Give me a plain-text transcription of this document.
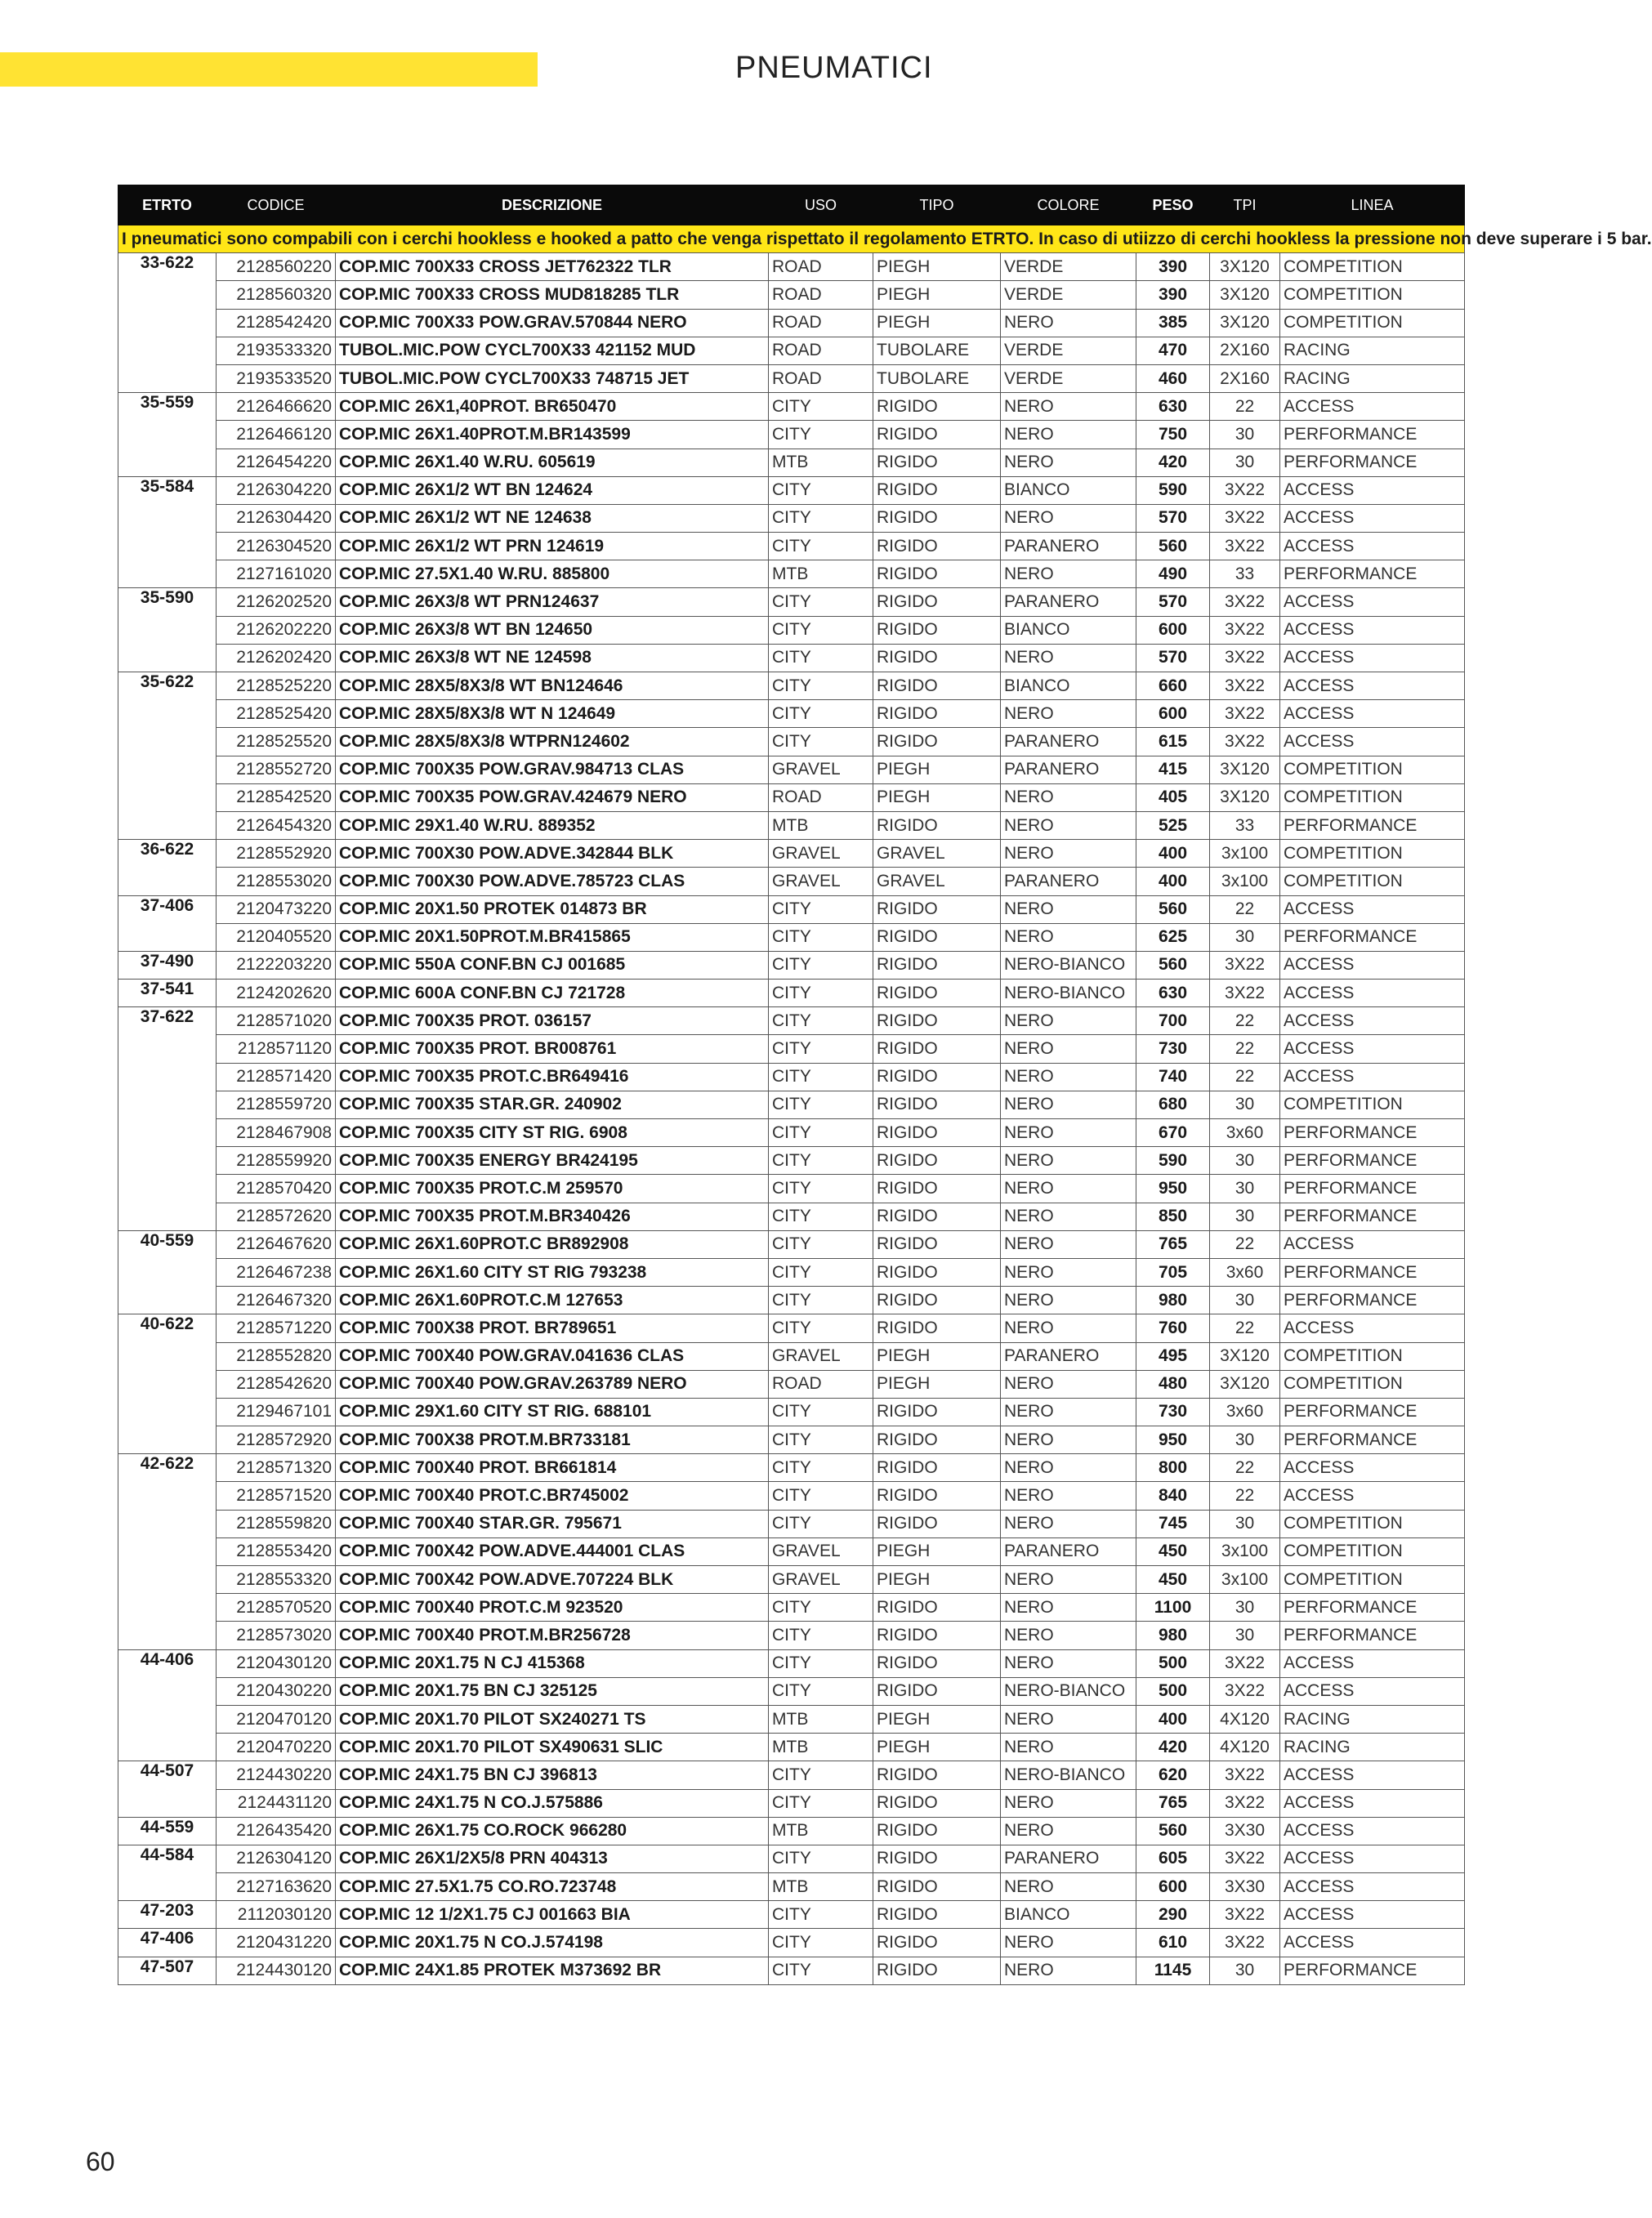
PNEUMATICI
ETRTO	CODICE	DESCRIZIONE	USO	TIPO	COLORE	PESO	TPI	LINEA
I pneumatici sono compabili con i cerchi hookless e hooked a patto che venga rispettato il regolamento ETRTO. In caso di utiizzo di cerchi hookless la pressione non deve superare i 5 bar.								
33-622	2128560220	COP.MIC 700X33 CROSS JET762322 TLR	ROAD	PIEGH	VERDE	390	3X120	COMPETITION
	2128560320	COP.MIC 700X33 CROSS MUD818285 TLR	ROAD	PIEGH	VERDE	390	3X120	COMPETITION
	2128542420	COP.MIC 700X33 POW.GRAV.570844 NERO	ROAD	PIEGH	NERO	385	3X120	COMPETITION
	2193533320	TUBOL.MIC.POW CYCL700X33 421152 MUD	ROAD	TUBOLARE	VERDE	470	2X160	RACING
	2193533520	TUBOL.MIC.POW CYCL700X33 748715 JET	ROAD	TUBOLARE	VERDE	460	2X160	RACING
35-559	2126466620	COP.MIC 26X1,40PROT. BR650470	CITY	RIGIDO	NERO	630	22	ACCESS
	2126466120	COP.MIC 26X1.40PROT.M.BR143599	CITY	RIGIDO	NERO	750	30	PERFORMANCE
	2126454220	COP.MIC 26X1.40 W.RU. 605619	MTB	RIGIDO	NERO	420	30	PERFORMANCE
35-584	2126304220	COP.MIC 26X1/2 WT BN 124624	CITY	RIGIDO	BIANCO	590	3X22	ACCESS
	2126304420	COP.MIC 26X1/2 WT NE 124638	CITY	RIGIDO	NERO	570	3X22	ACCESS
	2126304520	COP.MIC 26X1/2 WT PRN 124619	CITY	RIGIDO	PARANERO	560	3X22	ACCESS
	2127161020	COP.MIC 27.5X1.40 W.RU. 885800	MTB	RIGIDO	NERO	490	33	PERFORMANCE
35-590	2126202520	COP.MIC 26X3/8 WT PRN124637	CITY	RIGIDO	PARANERO	570	3X22	ACCESS
	2126202220	COP.MIC 26X3/8 WT BN 124650	CITY	RIGIDO	BIANCO	600	3X22	ACCESS
	2126202420	COP.MIC 26X3/8 WT NE 124598	CITY	RIGIDO	NERO	570	3X22	ACCESS
35-622	2128525220	COP.MIC 28X5/8X3/8 WT BN124646	CITY	RIGIDO	BIANCO	660	3X22	ACCESS
	2128525420	COP.MIC 28X5/8X3/8 WT N 124649	CITY	RIGIDO	NERO	600	3X22	ACCESS
	2128525520	COP.MIC 28X5/8X3/8 WTPRN124602	CITY	RIGIDO	PARANERO	615	3X22	ACCESS
	2128552720	COP.MIC 700X35 POW.GRAV.984713 CLAS	GRAVEL	PIEGH	PARANERO	415	3X120	COMPETITION
	2128542520	COP.MIC 700X35 POW.GRAV.424679 NERO	ROAD	PIEGH	NERO	405	3X120	COMPETITION
	2126454320	COP.MIC 29X1.40 W.RU. 889352	MTB	RIGIDO	NERO	525	33	PERFORMANCE
36-622	2128552920	COP.MIC 700X30 POW.ADVE.342844 BLK	GRAVEL	GRAVEL	NERO	400	3x100	COMPETITION
	2128553020	COP.MIC 700X30 POW.ADVE.785723 CLAS	GRAVEL	GRAVEL	PARANERO	400	3x100	COMPETITION
37-406	2120473220	COP.MIC 20X1.50 PROTEK 014873 BR	CITY	RIGIDO	NERO	560	22	ACCESS
	2120405520	COP.MIC 20X1.50PROT.M.BR415865	CITY	RIGIDO	NERO	625	30	PERFORMANCE
37-490	2122203220	COP.MIC 550A CONF.BN CJ 001685	CITY	RIGIDO	NERO-BIANCO	560	3X22	ACCESS
37-541	2124202620	COP.MIC 600A CONF.BN CJ 721728	CITY	RIGIDO	NERO-BIANCO	630	3X22	ACCESS
37-622	2128571020	COP.MIC 700X35 PROT. 036157	CITY	RIGIDO	NERO	700	22	ACCESS
	2128571120	COP.MIC 700X35 PROT. BR008761	CITY	RIGIDO	NERO	730	22	ACCESS
	2128571420	COP.MIC 700X35 PROT.C.BR649416	CITY	RIGIDO	NERO	740	22	ACCESS
	2128559720	COP.MIC 700X35 STAR.GR. 240902	CITY	RIGIDO	NERO	680	30	COMPETITION
	2128467908	COP.MIC 700X35 CITY ST RIG. 6908	CITY	RIGIDO	NERO	670	3x60	PERFORMANCE
	2128559920	COP.MIC 700X35 ENERGY BR424195	CITY	RIGIDO	NERO	590	30	PERFORMANCE
	2128570420	COP.MIC 700X35 PROT.C.M 259570	CITY	RIGIDO	NERO	950	30	PERFORMANCE
	2128572620	COP.MIC 700X35 PROT.M.BR340426	CITY	RIGIDO	NERO	850	30	PERFORMANCE
40-559	2126467620	COP.MIC 26X1.60PROT.C BR892908	CITY	RIGIDO	NERO	765	22	ACCESS
	2126467238	COP.MIC 26X1.60 CITY ST RIG 793238	CITY	RIGIDO	NERO	705	3x60	PERFORMANCE
	2126467320	COP.MIC 26X1.60PROT.C.M 127653	CITY	RIGIDO	NERO	980	30	PERFORMANCE
40-622	2128571220	COP.MIC 700X38 PROT. BR789651	CITY	RIGIDO	NERO	760	22	ACCESS
	2128552820	COP.MIC 700X40 POW.GRAV.041636 CLAS	GRAVEL	PIEGH	PARANERO	495	3X120	COMPETITION
	2128542620	COP.MIC 700X40 POW.GRAV.263789 NERO	ROAD	PIEGH	NERO	480	3X120	COMPETITION
	2129467101	COP.MIC 29X1.60 CITY ST RIG. 688101	CITY	RIGIDO	NERO	730	3x60	PERFORMANCE
	2128572920	COP.MIC 700X38 PROT.M.BR733181	CITY	RIGIDO	NERO	950	30	PERFORMANCE
42-622	2128571320	COP.MIC 700X40 PROT. BR661814	CITY	RIGIDO	NERO	800	22	ACCESS
	2128571520	COP.MIC 700X40 PROT.C.BR745002	CITY	RIGIDO	NERO	840	22	ACCESS
	2128559820	COP.MIC 700X40 STAR.GR. 795671	CITY	RIGIDO	NERO	745	30	COMPETITION
	2128553420	COP.MIC 700X42 POW.ADVE.444001 CLAS	GRAVEL	PIEGH	PARANERO	450	3x100	COMPETITION
	2128553320	COP.MIC 700X42 POW.ADVE.707224 BLK	GRAVEL	PIEGH	NERO	450	3x100	COMPETITION
	2128570520	COP.MIC 700X40 PROT.C.M 923520	CITY	RIGIDO	NERO	1100	30	PERFORMANCE
	2128573020	COP.MIC 700X40 PROT.M.BR256728	CITY	RIGIDO	NERO	980	30	PERFORMANCE
44-406	2120430120	COP.MIC 20X1.75 N CJ 415368	CITY	RIGIDO	NERO	500	3X22	ACCESS
	2120430220	COP.MIC 20X1.75 BN CJ 325125	CITY	RIGIDO	NERO-BIANCO	500	3X22	ACCESS
	2120470120	COP.MIC 20X1.70 PILOT SX240271 TS	MTB	PIEGH	NERO	400	4X120	RACING
	2120470220	COP.MIC 20X1.70 PILOT SX490631 SLIC	MTB	PIEGH	NERO	420	4X120	RACING
44-507	2124430220	COP.MIC 24X1.75 BN CJ 396813	CITY	RIGIDO	NERO-BIANCO	620	3X22	ACCESS
	2124431120	COP.MIC 24X1.75 N CO.J.575886	CITY	RIGIDO	NERO	765	3X22	ACCESS
44-559	2126435420	COP.MIC 26X1.75 CO.ROCK 966280	MTB	RIGIDO	NERO	560	3X30	ACCESS
44-584	2126304120	COP.MIC 26X1/2X5/8 PRN 404313	CITY	RIGIDO	PARANERO	605	3X22	ACCESS
	2127163620	COP.MIC 27.5X1.75 CO.RO.723748	MTB	RIGIDO	NERO	600	3X30	ACCESS
47-203	2112030120	COP.MIC 12 1/2X1.75 CJ 001663 BIA	CITY	RIGIDO	BIANCO	290	3X22	ACCESS
47-406	2120431220	COP.MIC 20X1.75 N CO.J.574198	CITY	RIGIDO	NERO	610	3X22	ACCESS
47-507	2124430120	COP.MIC 24X1.85 PROTEK M373692 BR	CITY	RIGIDO	NERO	1145	30	PERFORMANCE
60
